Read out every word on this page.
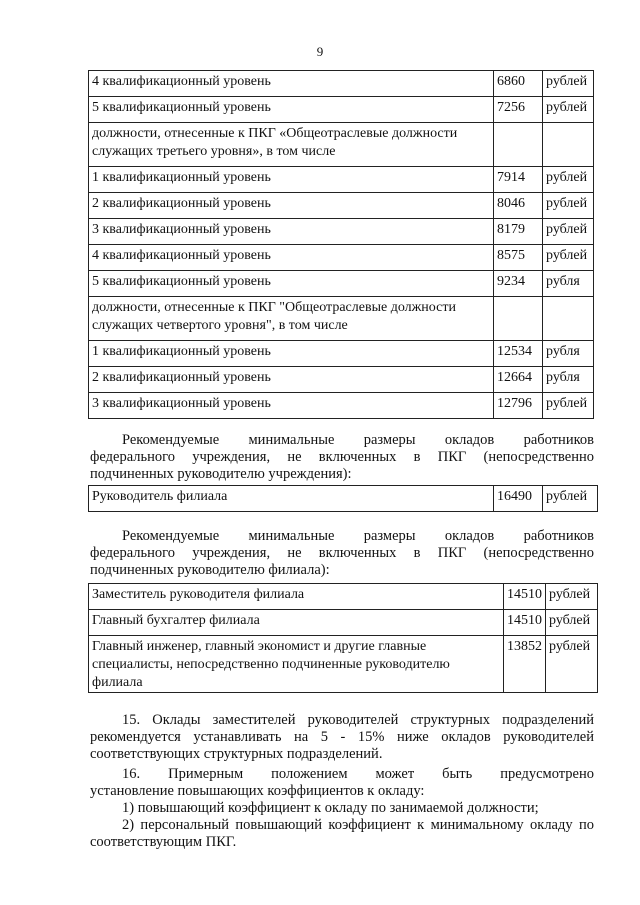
9
4 квалификационный уровень	6860	рублей
5 квалификационный уровень	7256	рублей
должности, отнесенные к ПКГ «Общеотраслевые должности служащих третьего уровня», в том числе		
1 квалификационный уровень	7914	рублей
2 квалификационный уровень	8046	рублей
3 квалификационный уровень	8179	рублей
4 квалификационный уровень	8575	рублей
5 квалификационный уровень	9234	рубля
должности, отнесенные к ПКГ "Общеотраслевые должности служащих четвертого уровня", в том числе		
1 квалификационный уровень	12534	рубля
2 квалификационный уровень	12664	рубля
3 квалификационный уровень	12796	рублей
Рекомендуемые минимальные размеры окладов работников
федерального учреждения, не включенных в ПКГ (непосредственно
подчиненных руководителю учреждения):
Руководитель филиала	16490	рублей
Рекомендуемые минимальные размеры окладов работников
федерального учреждения, не включенных в ПКГ (непосредственно
подчиненных руководителю филиала):
Заместитель руководителя филиала	14510	рублей
Главный бухгалтер филиала	14510	рублей
Главный инженер, главный экономист и другие главные специалисты, непосредственно подчиненные руководителю филиала	13852	рублей
15. Оклады заместителей руководителей структурных подразделений
рекомендуется устанавливать на 5 - 15% ниже окладов руководителей
соответствующих структурных подразделений.
16. Примерным положением может быть предусмотрено
установление повышающих коэффициентов к окладу:
1) повышающий коэффициент к окладу по занимаемой должности;
2) персональный повышающий коэффициент к минимальному окладу по
соответствующим ПКГ.
